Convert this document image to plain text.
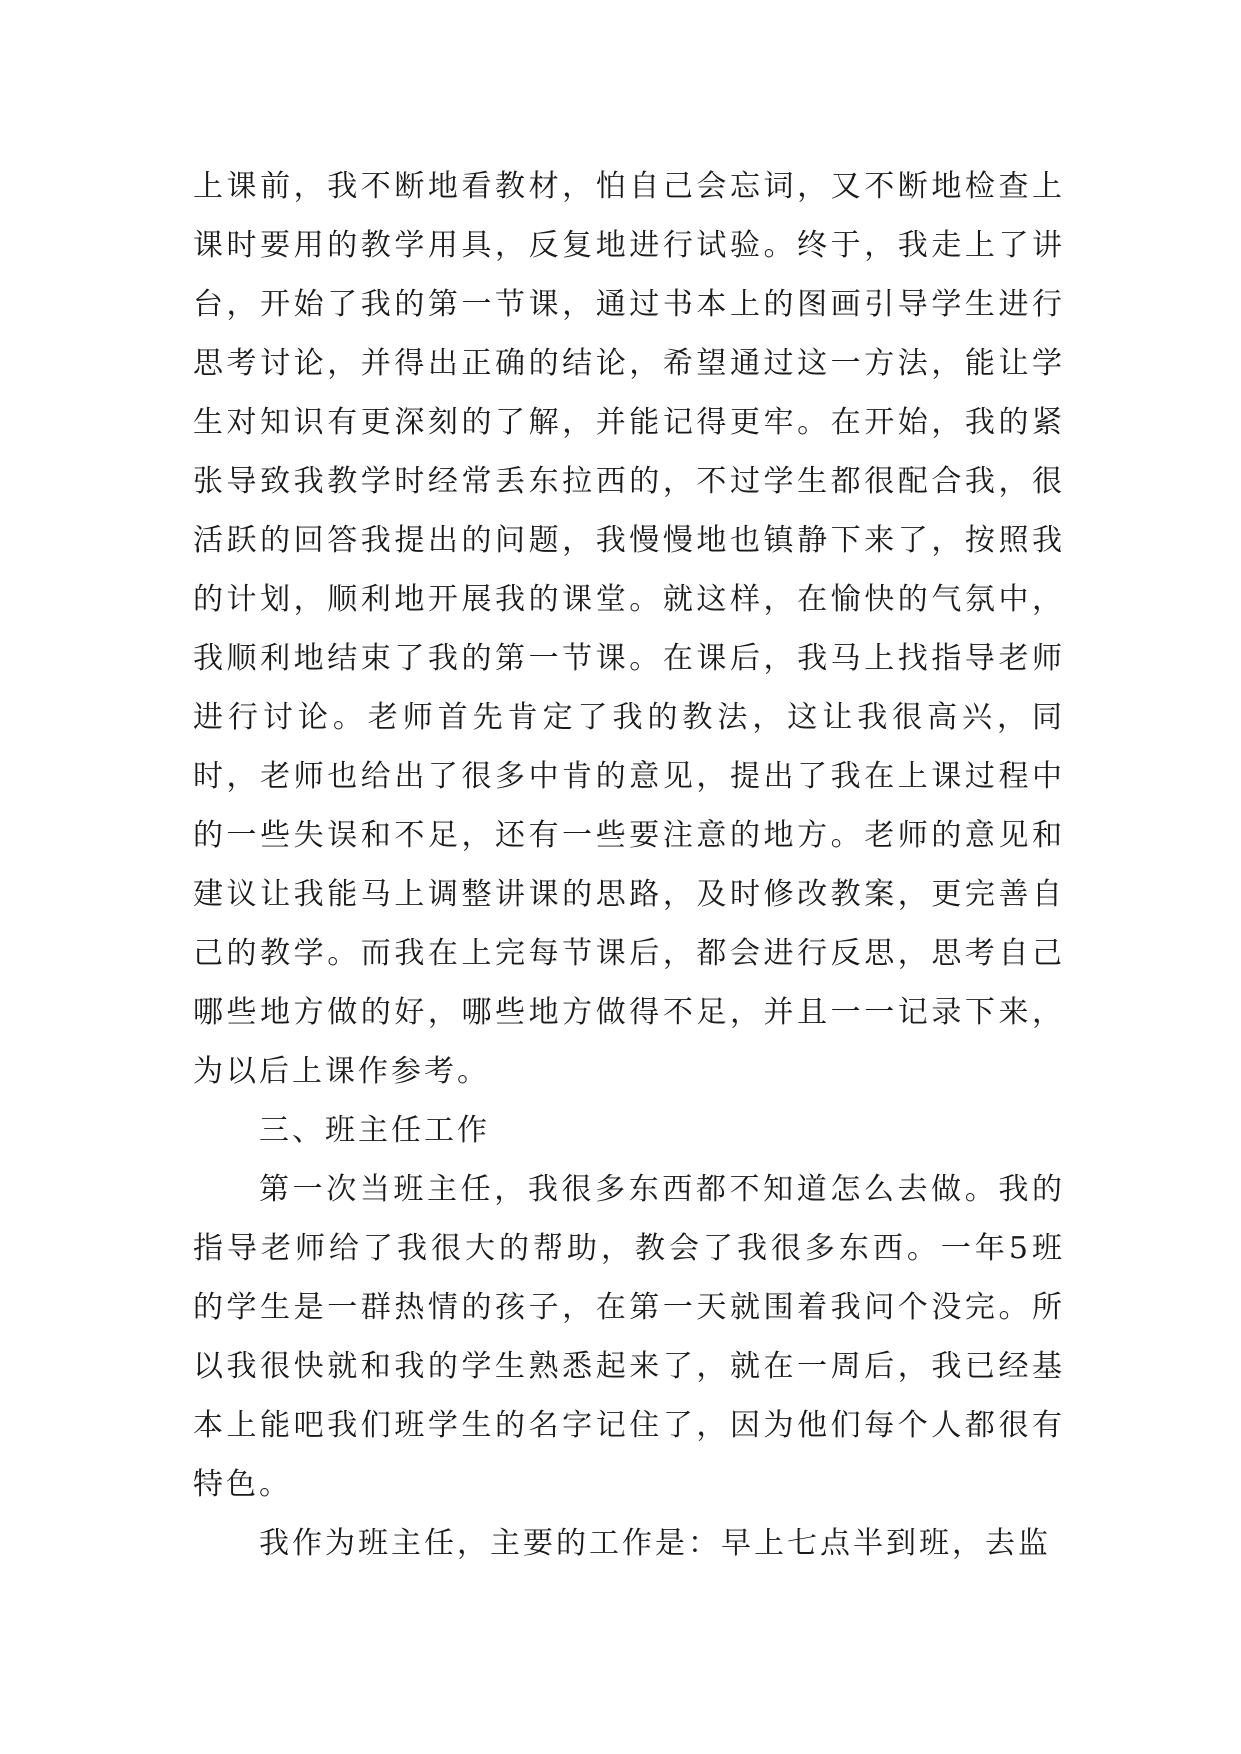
上课前，我不断地看教材，怕自己会忘词，又不断地检查上课时要用的教学用具，反复地进行试验。终于，我走上了讲台，开始了我的第一节课，通过书本上的图画引导学生进行思考讨论，并得出正确的结论，希望通过这一方法，能让学生对知识有更深刻的了解，并能记得更牢。在开始，我的紧张导致我教学时经常丢东拉西的，不过学生都很配合我，很活跃的回答我提出的问题，我慢慢地也镇静下来了，按照我的计划，顺利地开展我的课堂。就这样，在愉快的气氛中，我顺利地结束了我的第一节课。在课后，我马上找指导老师进行讨论。老师首先肯定了我的教法，这让我很高兴，同时，老师也给出了很多中肯的意见，提出了我在上课过程中的一些失误和不足，还有一些要注意的地方。老师的意见和建议让我能马上调整讲课的思路，及时修改教案，更完善自己的教学。而我在上完每节课后，都会进行反思，思考自己哪些地方做的好，哪些地方做得不足，并且一一记录下来，为以后上课作参考。

三、班主任工作

第一次当班主任，我很多东西都不知道怎么去做。我的指导老师给了我很大的帮助，教会了我很多东西。一年5班的学生是一群热情的孩子，在第一天就围着我问个没完。所以我很快就和我的学生熟悉起来了，就在一周后，我已经基本上能吧我们班学生的名字记住了，因为他们每个人都很有特色。

我作为班主任，主要的工作是：早上七点半到班，去监
